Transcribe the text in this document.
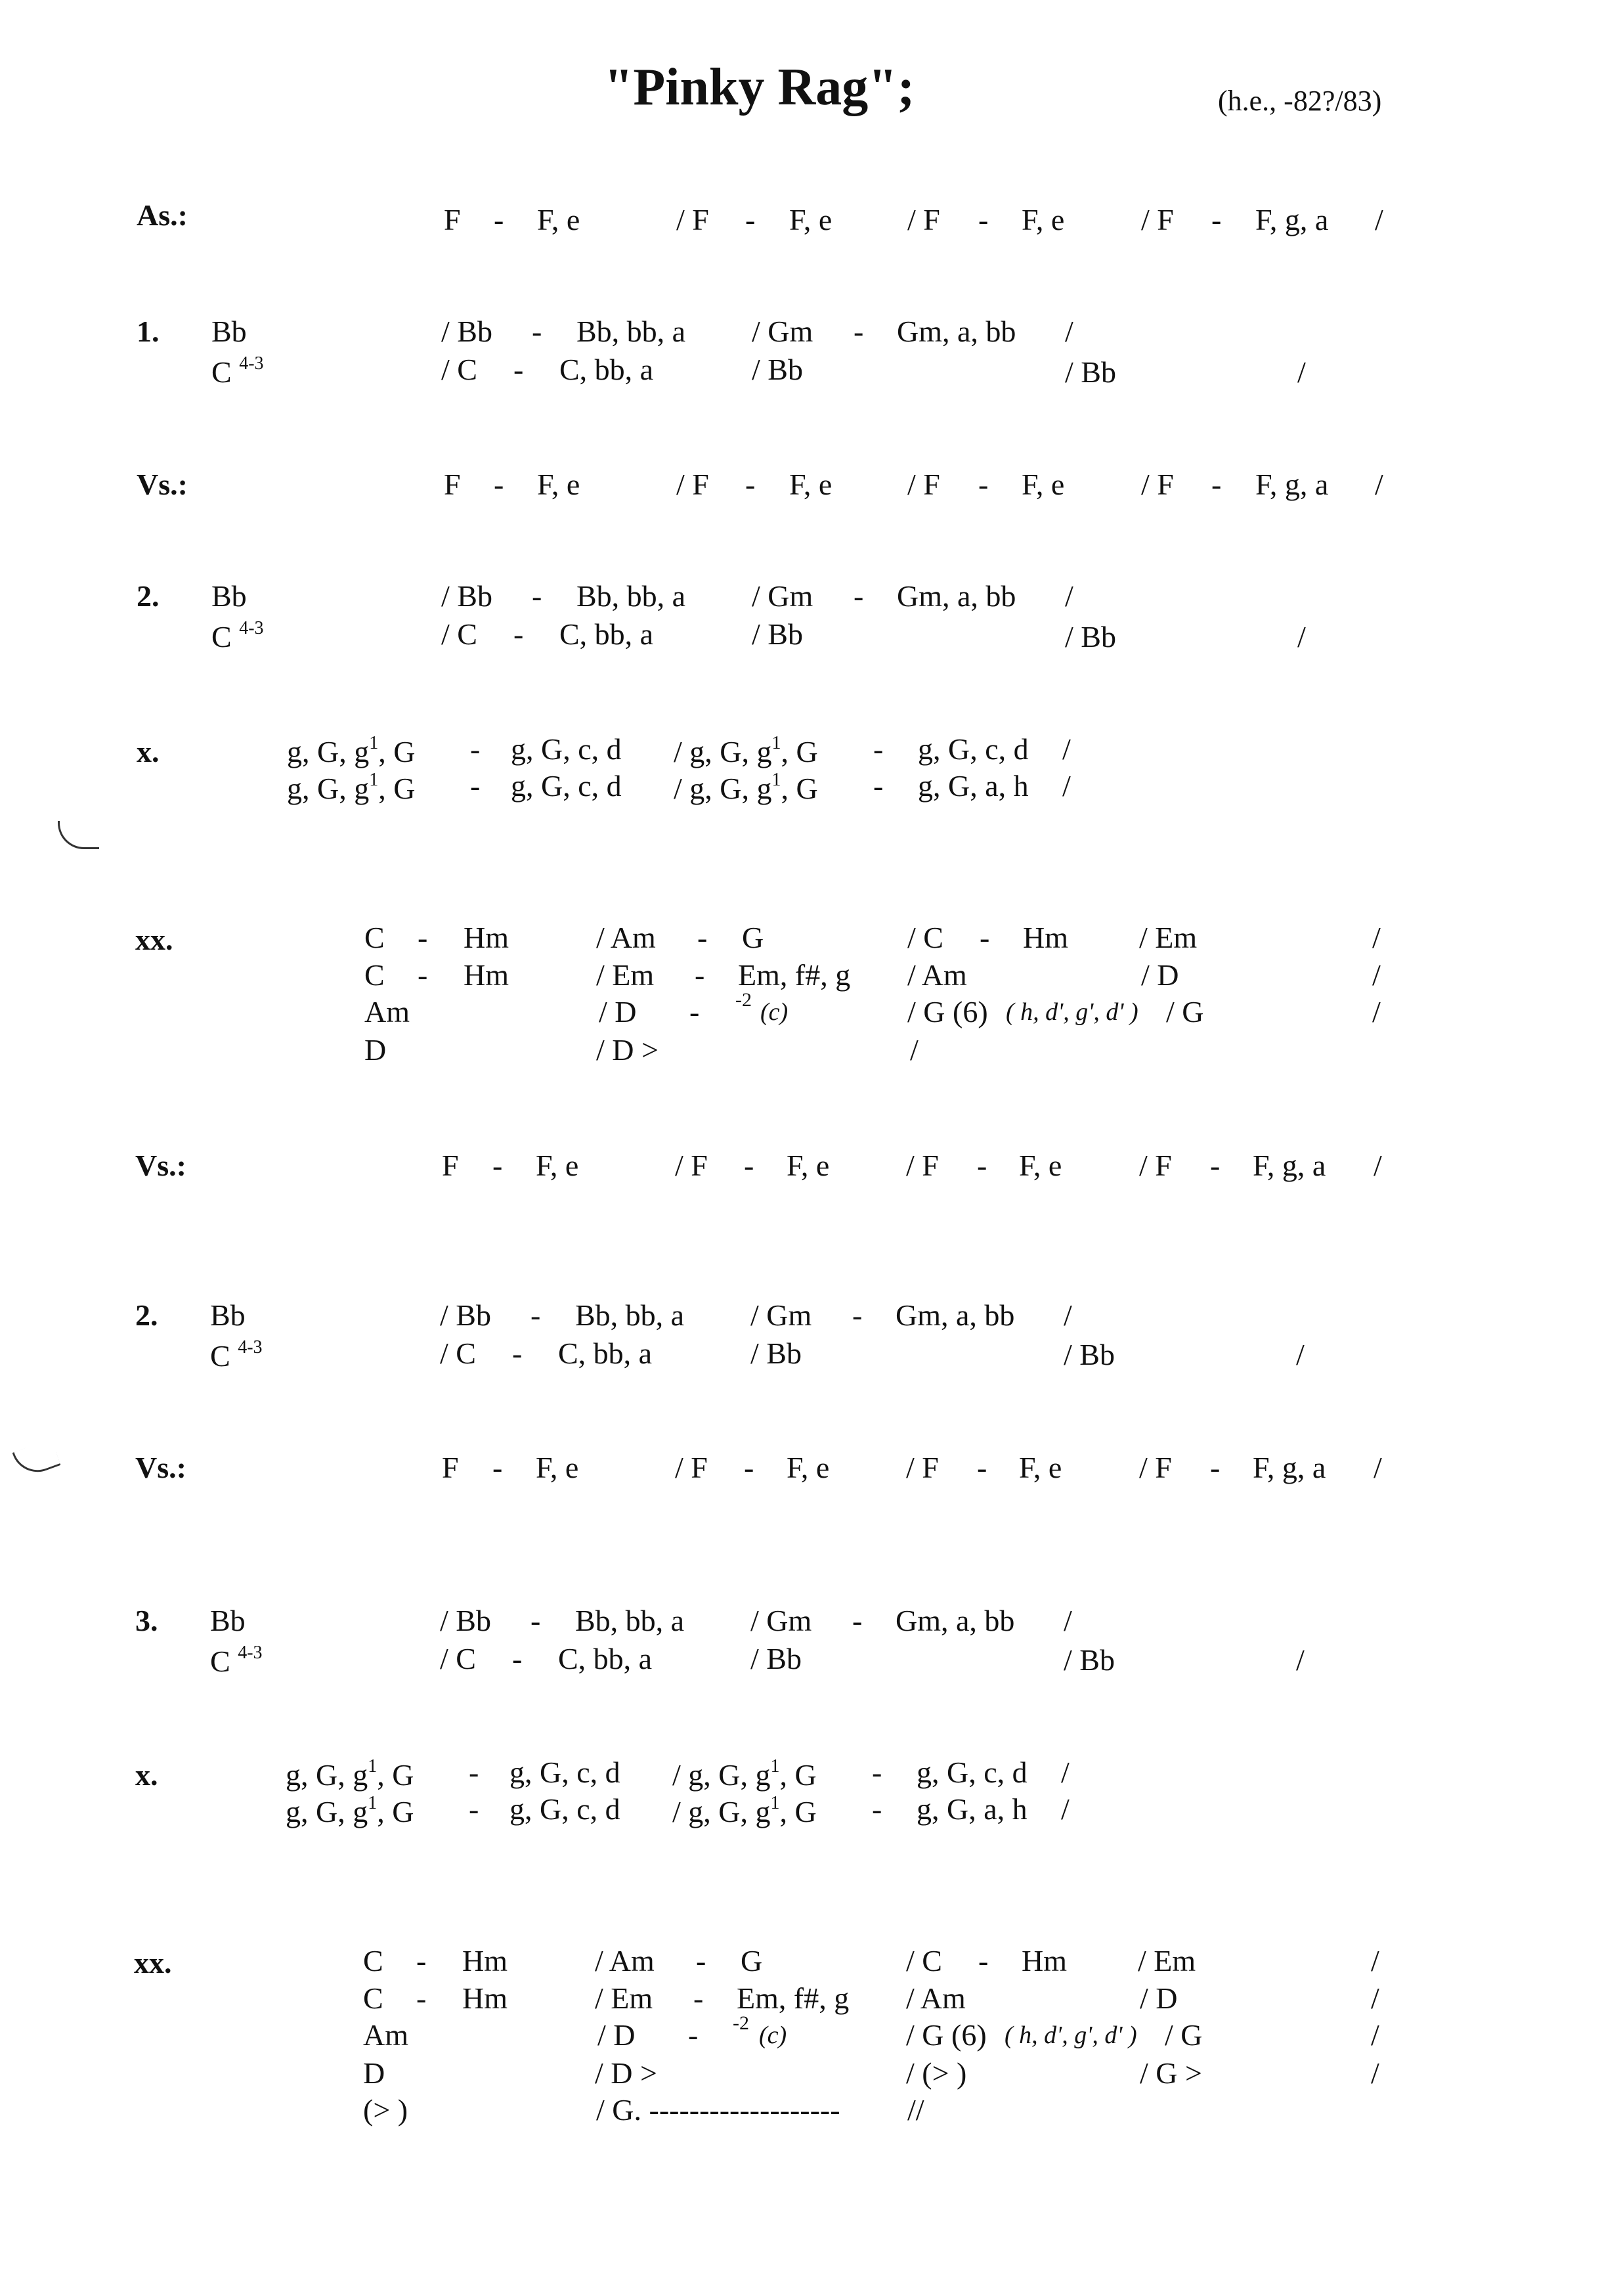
"Pinky Rag";	(h.e., -82?/83)
As.:	F - F, e	/ F - F, e / F - F, e	/ F - F, g, a /
1. Bb	/ Bb - Bb, bb, a / Gm - Gm, a, bb /
C $^{4-3}$	/ C - C, bb, a	/ Bb	/ Bb	/
Vs.:	F - F, e	/ F - F, e / F - F, e	/ F - F, g, a /
2. Bb	/ Bb - Bb, bb, a / Gm - Gm, a, bb /
C $^{4-3}$	/ C - C, bb, a	/ Bb	/ Bb	/
x.	g, G, $g^1$, G - g, G, c, d / g, G, $g^1$, G - g, G, c, d /
g, G, $g^1$, G - g, G, c, d / g, G, $g^1$, G - g, G, a, h /
xx.	C - Hm	/ Am - G	/ C - Hm / Em	/
C - Hm	/ Em - Em, f#, g / Am	/ D	/
Am	/ D - -2 (c)	/ G (6) ( h, d', g', d' ) / G	/
D	/ D >	/
Vs.:	F - F, e	/ F - F, e	/ F - F, e	/ F - F, g, a /
2. Bb	/ Bb - Bb, bb, a / Gm - Gm, a, bb /
C $^{4-3}$	/ C - C, bb, a	/ Bb	/ Bb	/
Vs.:	F - F, e	/ F - F, e	/ F - F, e	/ F - F, g, a /
3. Bb	/ Bb - Bb, bb, a / Gm - Gm, a, bb /
C $^{4-3}$	/ C - C, bb, a	/ Bb	/ Bb	/
x.	g, G, $g^1$, G - g, G, c, d / g, G, $g^1$, G - g, G, c, d /
g, G, $g^1$, G - g, G, c, d / g, G, $g^1$, G - g, G, a, h /
xx.	C - Hm	/ Am - G	/ C - Hm / Em	/
C - Hm	/ Em - Em, f#, g / Am	/ D	/
Am	/ D - -2 (c)	/ G (6) ( h, d', g', d' ) / G	/
D	/ D >	/ (> )	/ G >	/
(> )	/ G. ------------------- //
